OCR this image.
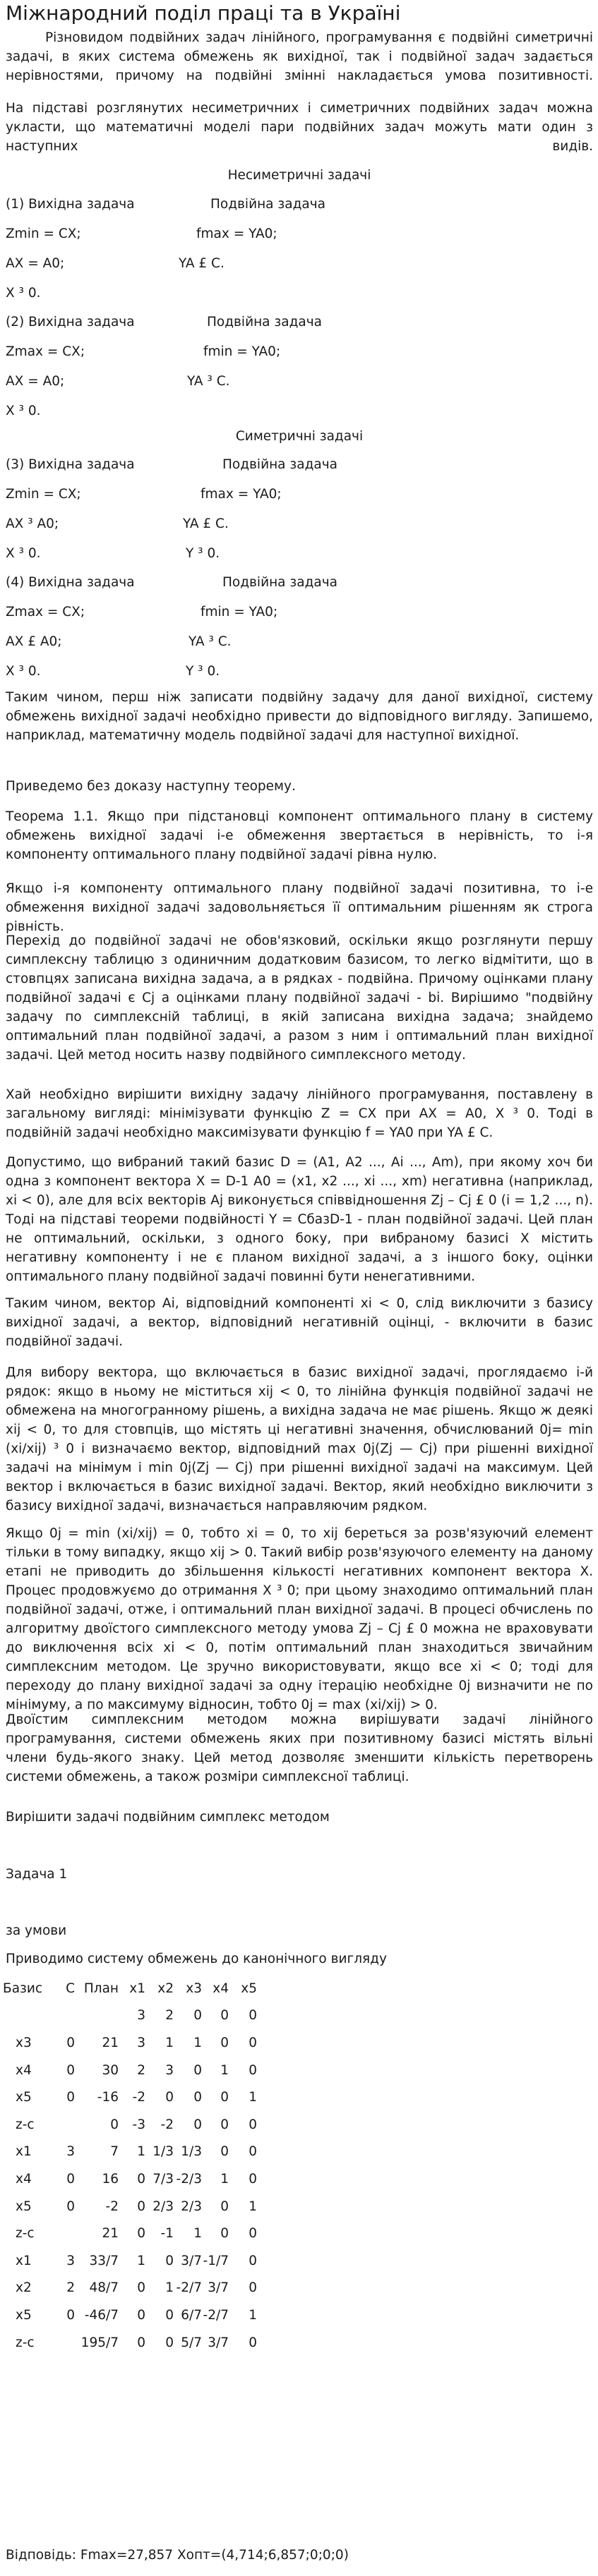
Міжнародний поділ праці та в Україні

Різновидом подвійних задач лінійного, програмування є подвійні симетричні задачі, в яких система обмежень як вихідної, так і подвійної задач задається нерівностями, причому на подвійні змінні накладається умова позитивності.

На підставі розглянутих несиметричних і симетричних подвійних задач можна укласти, що математичні моделі пари подвійних задач можуть мати один з наступних видів.

Несиметричні задачі

(1) Вихідна задача	Подвійна задача
Zmin = CX;	fmax = YA0;
AX = A0;	YA £ C.
X ³ 0.
(2) Вихідна задача	Подвійна задача
Zmax = CX;	fmin = YA0;
AX = A0;	YA ³ C.
X ³ 0.

Симетричні задачі

(3) Вихідна задача	Подвійна задача
Zmin = CX;	fmax = YA0;
AX ³ A0;	YA £ C.
X ³ 0.	Y ³ 0.
(4) Вихідна задача	Подвійна задача
Zmax = CX;	fmin = YA0;
AX £ A0;	YA ³ C.
X ³ 0.	Y ³ 0.

Таким чином, перш ніж записати подвійну задачу для даної вихідної, систему обмежень вихідної задачі необхідно привести до відповідного вигляду. Запишемо, наприклад, математичну модель подвійної задачі для наступної вихідної.

Приведемо без доказу наступну теорему.

Теорема 1.1. Якщо при підстановці компонент оптимального плану в систему обмежень вихідної задачі i-е обмеження звертається в нерівність, то i-я компоненту оптимального плану подвійної задачі рівна нулю.

Якщо i-я компоненту оптимального плану подвійної задачі позитивна, то i-е обмеження вихідної задачі задовольняється її оптимальним рішенням як строга рівність.

Перехід до подвійної задачі не обов'язковий, оскільки якщо розглянути першу симплексну таблицю з одиничним додатковим базисом, то легко відмітити, що в стовпцях записана вихідна задача, а в рядках - подвійна. Причому оцінками плану подвійної задачі є Cj а оцінками плану подвійної задачі - bi. Вирішимо "подвійну задачу по симплексній таблиці, в якій записана вихідна задача; знайдемо оптимальний план подвійної задачі, а разом з ним і оптимальний план вихідної задачі. Цей метод носить назву подвійного симплексного методу.

Хай необхідно вирішити вихідну задачу лінійного програмування, поставлену в загальному вигляді: мінімізувати функцію Z = CX при AX = A0, X ³ 0. Тоді в подвійній задачі необхідно максимізувати функцію f = YA0 при YA £ C.

Допустимо, що вибраний такий базис D = (A1, A2 ..., Ai ..., Am), при якому хоч би одна з компонент вектора X = D-1 A0 = (x1, x2 ..., xi ..., xm) негативна (наприклад, xi < 0), але для всіх векторів Aj виконується співвідношення Zj – Cj £ 0 (i = 1,2 ..., n). Тоді на підставі теореми подвійності Y = CбазD-1 - план подвійної задачі. Цей план не оптимальний, оскільки, з одного боку, при вибраному базисі X містить негативну компоненту і не є планом вихідної задачі, а з іншого боку, оцінки оптимального плану подвійної задачі повинні бути ненегативними.

Таким чином, вектор Ai, відповідний компоненті xi < 0, слід виключити з базису вихідної задачі, а вектор, відповідний негативній оцінці, - включити в базис подвійної задачі.

Для вибору вектора, що включається в базис вихідної задачі, проглядаємо i-й рядок: якщо в ньому не міститься xij < 0, то лінійна функція подвійної задачі не обмежена на многогранному рішень, а вихідна задача не має рішень. Якщо ж деякі xij < 0, то для стовпців, що містять ці негативні значення, обчислюваний 0j= min (xi/xij) ³ 0 і визначаємо вектор, відповідний max 0j(Zj — Cj) при рішенні вихідної задачі на мінімум і min 0j(Zj — Cj) при рішенні вихідної задачі на максимум. Цей вектор і включається в базис вихідної задачі. Вектор, який необхідно виключити з базису вихідної задачі, визначається направляючим рядком.

Якщо 0j = min (xi/xij) = 0, тобто xi = 0, то xij береться за розв'язуючий елемент тільки в тому випадку, якщо xij > 0. Такий вибір розв'язуючого елементу на даному етапі не приводить до збільшення кількості негативних компонент вектора X. Процес продовжуємо до отримання X ³ 0; при цьому знаходимо оптимальний план подвійної задачі, отже, і оптимальний план вихідної задачі. В процесі обчислень по алгоритму двоїстого симплексного методу умова Zj – Cj £ 0 можна не враховувати до виключення всіх xi < 0, потім оптимальний план знаходиться звичайним симплексним методом. Це зручно використовувати, якщо все xi < 0; тоді для переходу до плану вихідної задачі за одну ітерацію необхідне 0j визначити не по мінімуму, а по максимуму відносин, тобто 0j = max (xi/xij) > 0.

Двоїстим симплексним методом можна вирішувати задачі лінійного програмування, системи обмежень яких при позитивному базисі містять вільні члени будь-якого знаку. Цей метод дозволяє зменшити кількість перетворень системи обмежень, а також розміри симплексної таблиці.

Вирішити задачі подвійним симплекс методом

Задача 1

за умови

Приводимо систему обмежень до канонічного вигляду

Базис	С	План	x1	x2	x3	x4	x5
			3	2	0	0	0
x3	0	21	3	1	1	0	0
x4	0	30	2	3	0	1	0
x5	0	-16	-2	0	0	0	1
z-c		0	-3	-2	0	0	0
x1	3	7	1	1/3	1/3	0	0
x4	0	16	0	7/3	-2/3	1	0
x5	0	-2	0	2/3	2/3	0	1
z-c		21	0	-1	1	0	0
x1	3	33/7	1	0	3/7	-1/7	0
x2	2	48/7	0	1	-2/7	3/7	0
x5	0	-46/7	0	0	6/7	-2/7	1
z-c		195/7	0	0	5/7	3/7	0

Відповідь: Fmax=27,857 Xопт=(4,714;6,857;0;0;0)
